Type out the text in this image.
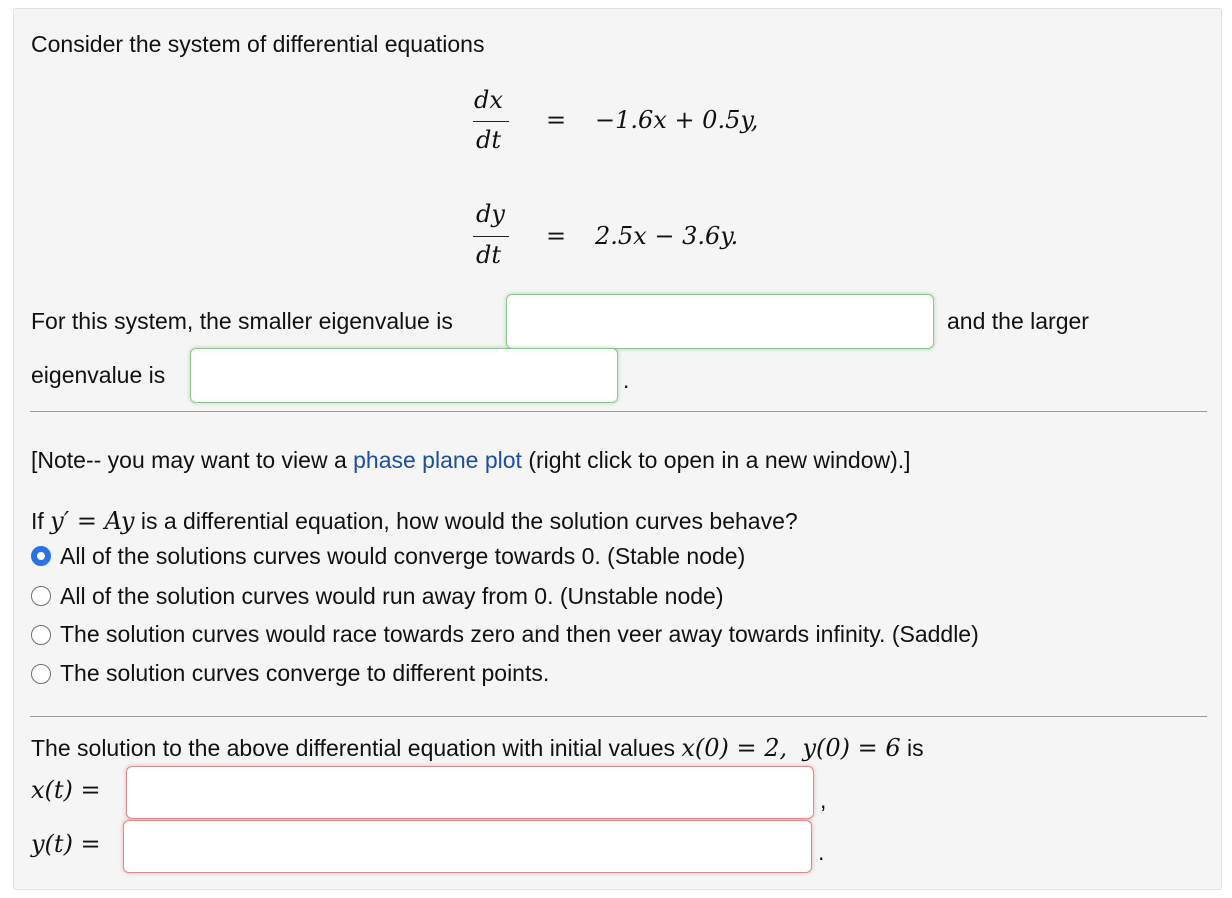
Consider the system of differential equations
dx
dt
= −1.6x + 0.5y,
dy
dt
= 2.5x − 3.6y.
For this system, the smaller eigenvalue is	and the larger
eigenvalue is	.
[Note-- you may want to view a phase plane plot (right click to open in a new window).]
If y′ = Ay is a differential equation, how would the solution curves behave?
All of the solutions curves would converge towards 0. (Stable node)
All of the solution curves would run away from 0. (Unstable node)
The solution curves would race towards zero and then veer away towards infinity. (Saddle)
The solution curves converge to different points.
The solution to the above differential equation with initial values x(0) = 2,  y(0) = 6 is
x(t) =	,
y(t) =	.
